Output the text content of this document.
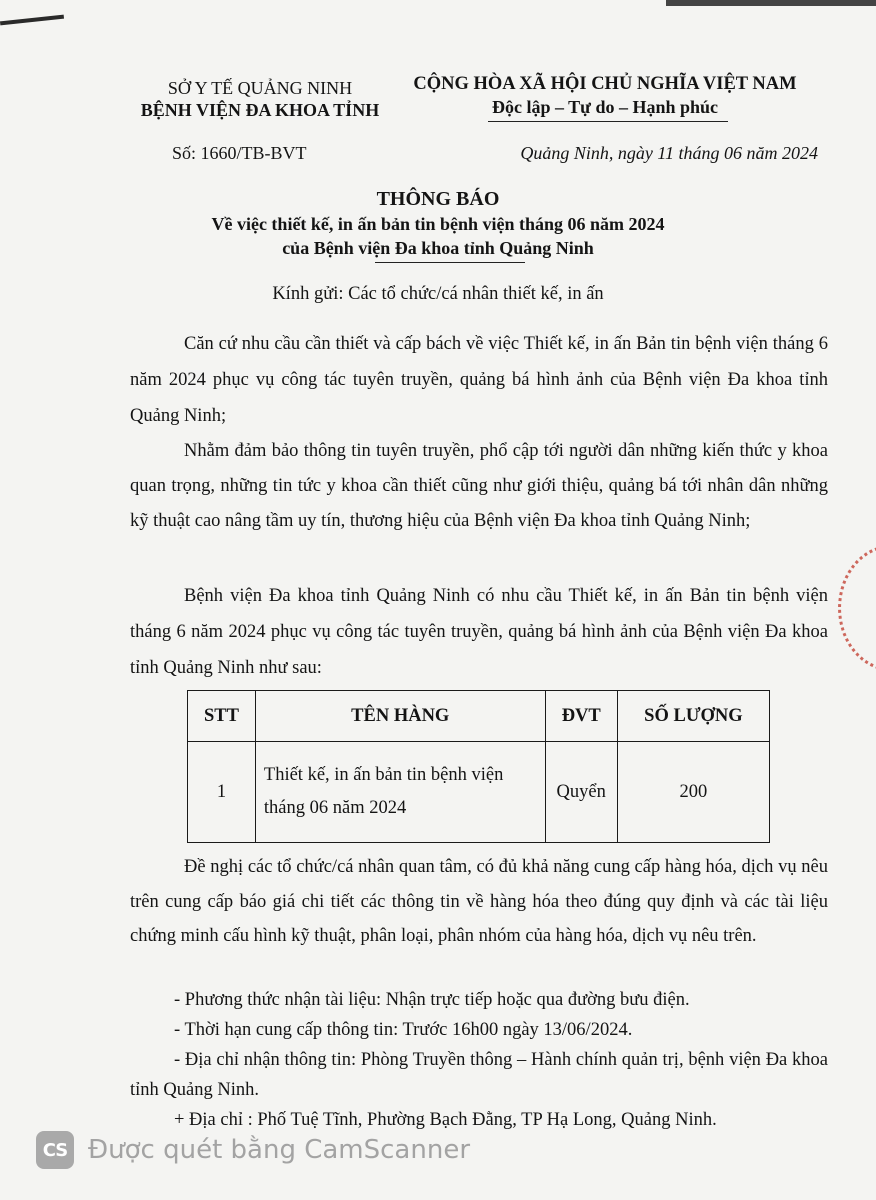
SỞ Y TẾ QUẢNG NINH
BỆNH VIỆN ĐA KHOA TỈNH
CỘNG HÒA XÃ HỘI CHỦ NGHĨA VIỆT NAM
Độc lập – Tự do – Hạnh phúc
Số: 1660/TB-BVT	Quảng Ninh, ngày 11 tháng 06 năm 2024
THÔNG BÁO
Về việc thiết kế, in ấn bản tin bệnh viện tháng 06 năm 2024
của Bệnh viện Đa khoa tỉnh Quảng Ninh
Kính gửi: Các tổ chức/cá nhân thiết kế, in ấn

Căn cứ nhu cầu cần thiết và cấp bách về việc Thiết kế, in ấn Bản tin bệnh viện tháng 6 năm 2024 phục vụ công tác tuyên truyền, quảng bá hình ảnh của Bệnh viện Đa khoa tỉnh Quảng Ninh;

Nhằm đảm bảo thông tin tuyên truyền, phổ cập tới người dân những kiến thức y khoa quan trọng, những tin tức y khoa cần thiết cũng như giới thiệu, quảng bá tới nhân dân những kỹ thuật cao nâng tầm uy tín, thương hiệu của Bệnh viện Đa khoa tỉnh Quảng Ninh;

Bệnh viện Đa khoa tỉnh Quảng Ninh có nhu cầu Thiết kế, in ấn Bản tin bệnh viện tháng 6 năm 2024 phục vụ công tác tuyên truyền, quảng bá hình ảnh của Bệnh viện Đa khoa tỉnh Quảng Ninh như sau:

STT	TÊN HÀNG	ĐVT	SỐ LƯỢNG
1	Thiết kế, in ấn bản tin bệnh viện tháng 06 năm 2024	Quyển	200

Đề nghị các tổ chức/cá nhân quan tâm, có đủ khả năng cung cấp hàng hóa, dịch vụ nêu trên cung cấp báo giá chi tiết các thông tin về hàng hóa theo đúng quy định và các tài liệu chứng minh cấu hình kỹ thuật, phân loại, phân nhóm của hàng hóa, dịch vụ nêu trên.

- Phương thức nhận tài liệu: Nhận trực tiếp hoặc qua đường bưu điện.

- Thời hạn cung cấp thông tin: Trước 16h00 ngày 13/06/2024.

- Địa chỉ nhận thông tin: Phòng Truyền thông – Hành chính quản trị, bệnh viện Đa khoa tỉnh Quảng Ninh.

+ Địa chỉ : Phố Tuệ Tĩnh, Phường Bạch Đằng, TP Hạ Long, Quảng Ninh.

CS Được quét bằng CamScanner
